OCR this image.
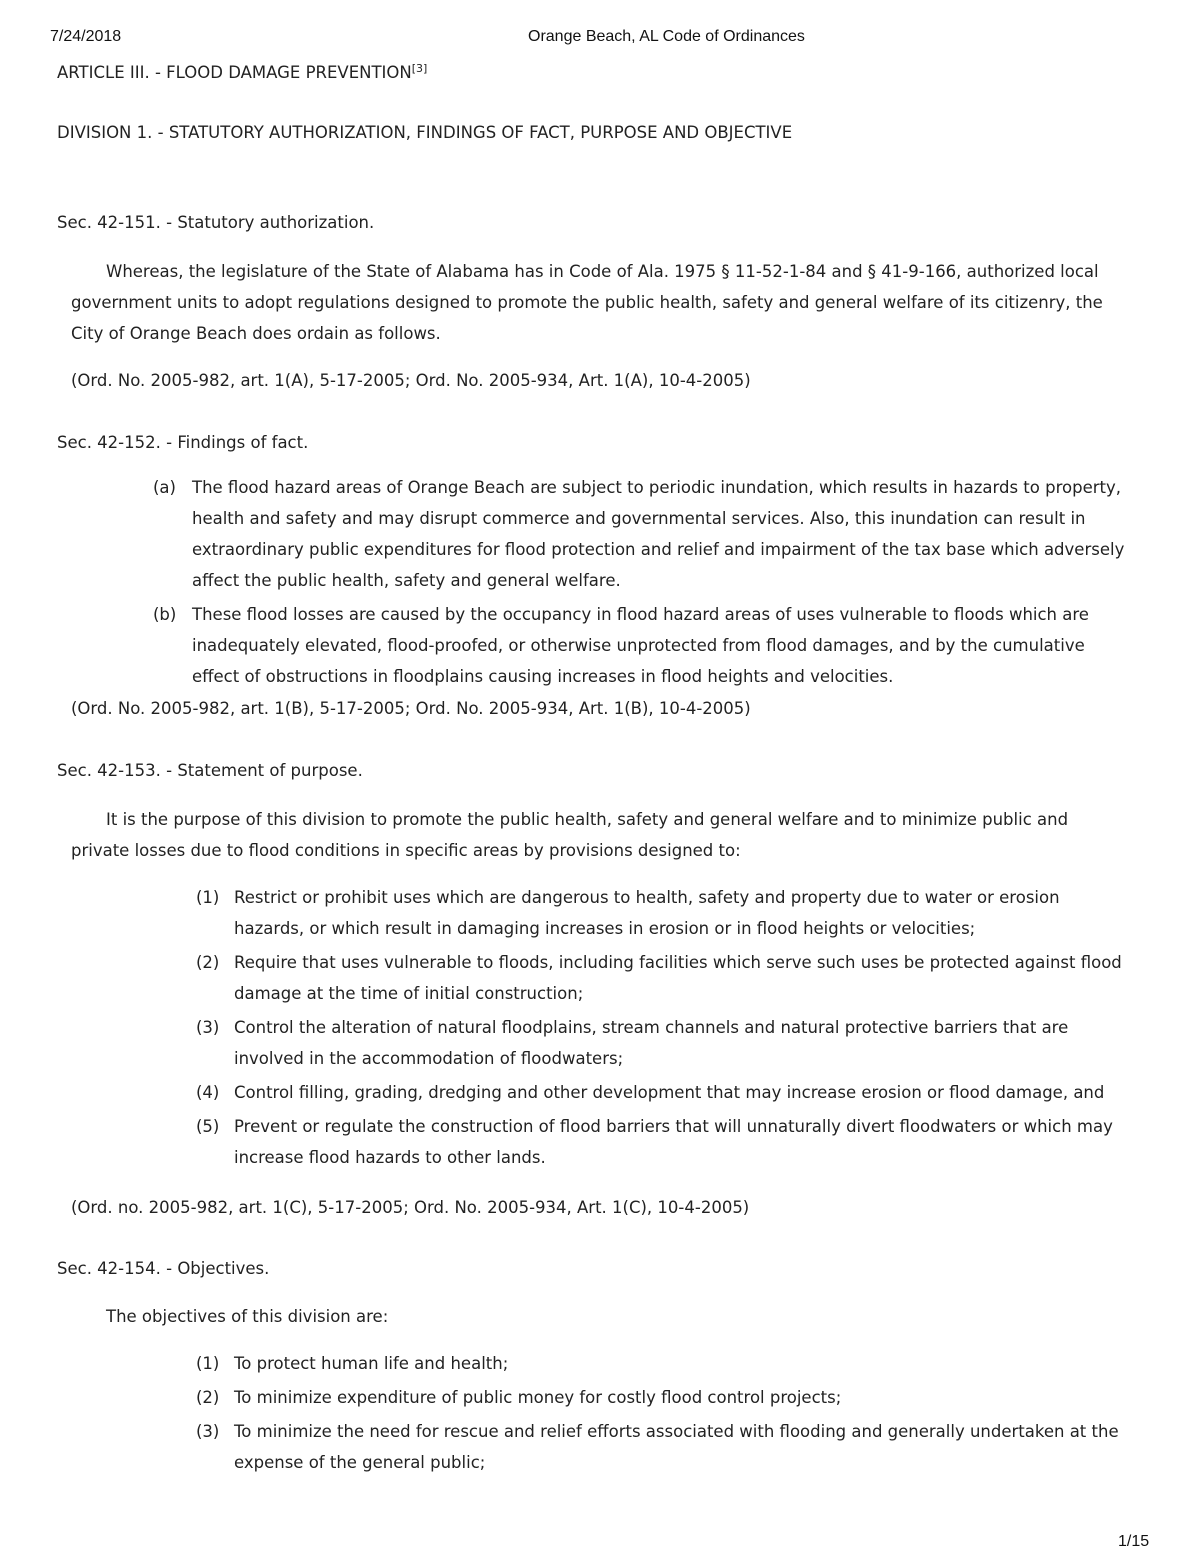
7/24/2018	Orange Beach, AL Code of Ordinances
ARTICLE III. - FLOOD DAMAGE PREVENTION[3]
DIVISION 1. - STATUTORY AUTHORIZATION, FINDINGS OF FACT, PURPOSE AND OBJECTIVE
Sec. 42-151. - Statutory authorization.
Whereas, the legislature of the State of Alabama has in Code of Ala. 1975 § 11-52-1-84 and § 41-9-166, authorized local government units to adopt regulations designed to promote the public health, safety and general welfare of its citizenry, the City of Orange Beach does ordain as follows.
(Ord. No. 2005-982, art. 1(A), 5-17-2005; Ord. No. 2005-934, Art. 1(A), 10-4-2005)
Sec. 42-152. - Findings of fact.
(a) The flood hazard areas of Orange Beach are subject to periodic inundation, which results in hazards to property, health and safety and may disrupt commerce and governmental services. Also, this inundation can result in extraordinary public expenditures for flood protection and relief and impairment of the tax base which adversely affect the public health, safety and general welfare.
(b) These flood losses are caused by the occupancy in flood hazard areas of uses vulnerable to floods which are inadequately elevated, flood-proofed, or otherwise unprotected from flood damages, and by the cumulative effect of obstructions in floodplains causing increases in flood heights and velocities.
(Ord. No. 2005-982, art. 1(B), 5-17-2005; Ord. No. 2005-934, Art. 1(B), 10-4-2005)
Sec. 42-153. - Statement of purpose.
It is the purpose of this division to promote the public health, safety and general welfare and to minimize public and private losses due to flood conditions in specific areas by provisions designed to:
(1) Restrict or prohibit uses which are dangerous to health, safety and property due to water or erosion hazards, or which result in damaging increases in erosion or in flood heights or velocities;
(2) Require that uses vulnerable to floods, including facilities which serve such uses be protected against flood damage at the time of initial construction;
(3) Control the alteration of natural floodplains, stream channels and natural protective barriers that are involved in the accommodation of floodwaters;
(4) Control filling, grading, dredging and other development that may increase erosion or flood damage, and
(5) Prevent or regulate the construction of flood barriers that will unnaturally divert floodwaters or which may increase flood hazards to other lands.
(Ord. no. 2005-982, art. 1(C), 5-17-2005; Ord. No. 2005-934, Art. 1(C), 10-4-2005)
Sec. 42-154. - Objectives.
The objectives of this division are:
(1) To protect human life and health;
(2) To minimize expenditure of public money for costly flood control projects;
(3) To minimize the need for rescue and relief efforts associated with flooding and generally undertaken at the expense of the general public;
1/15
